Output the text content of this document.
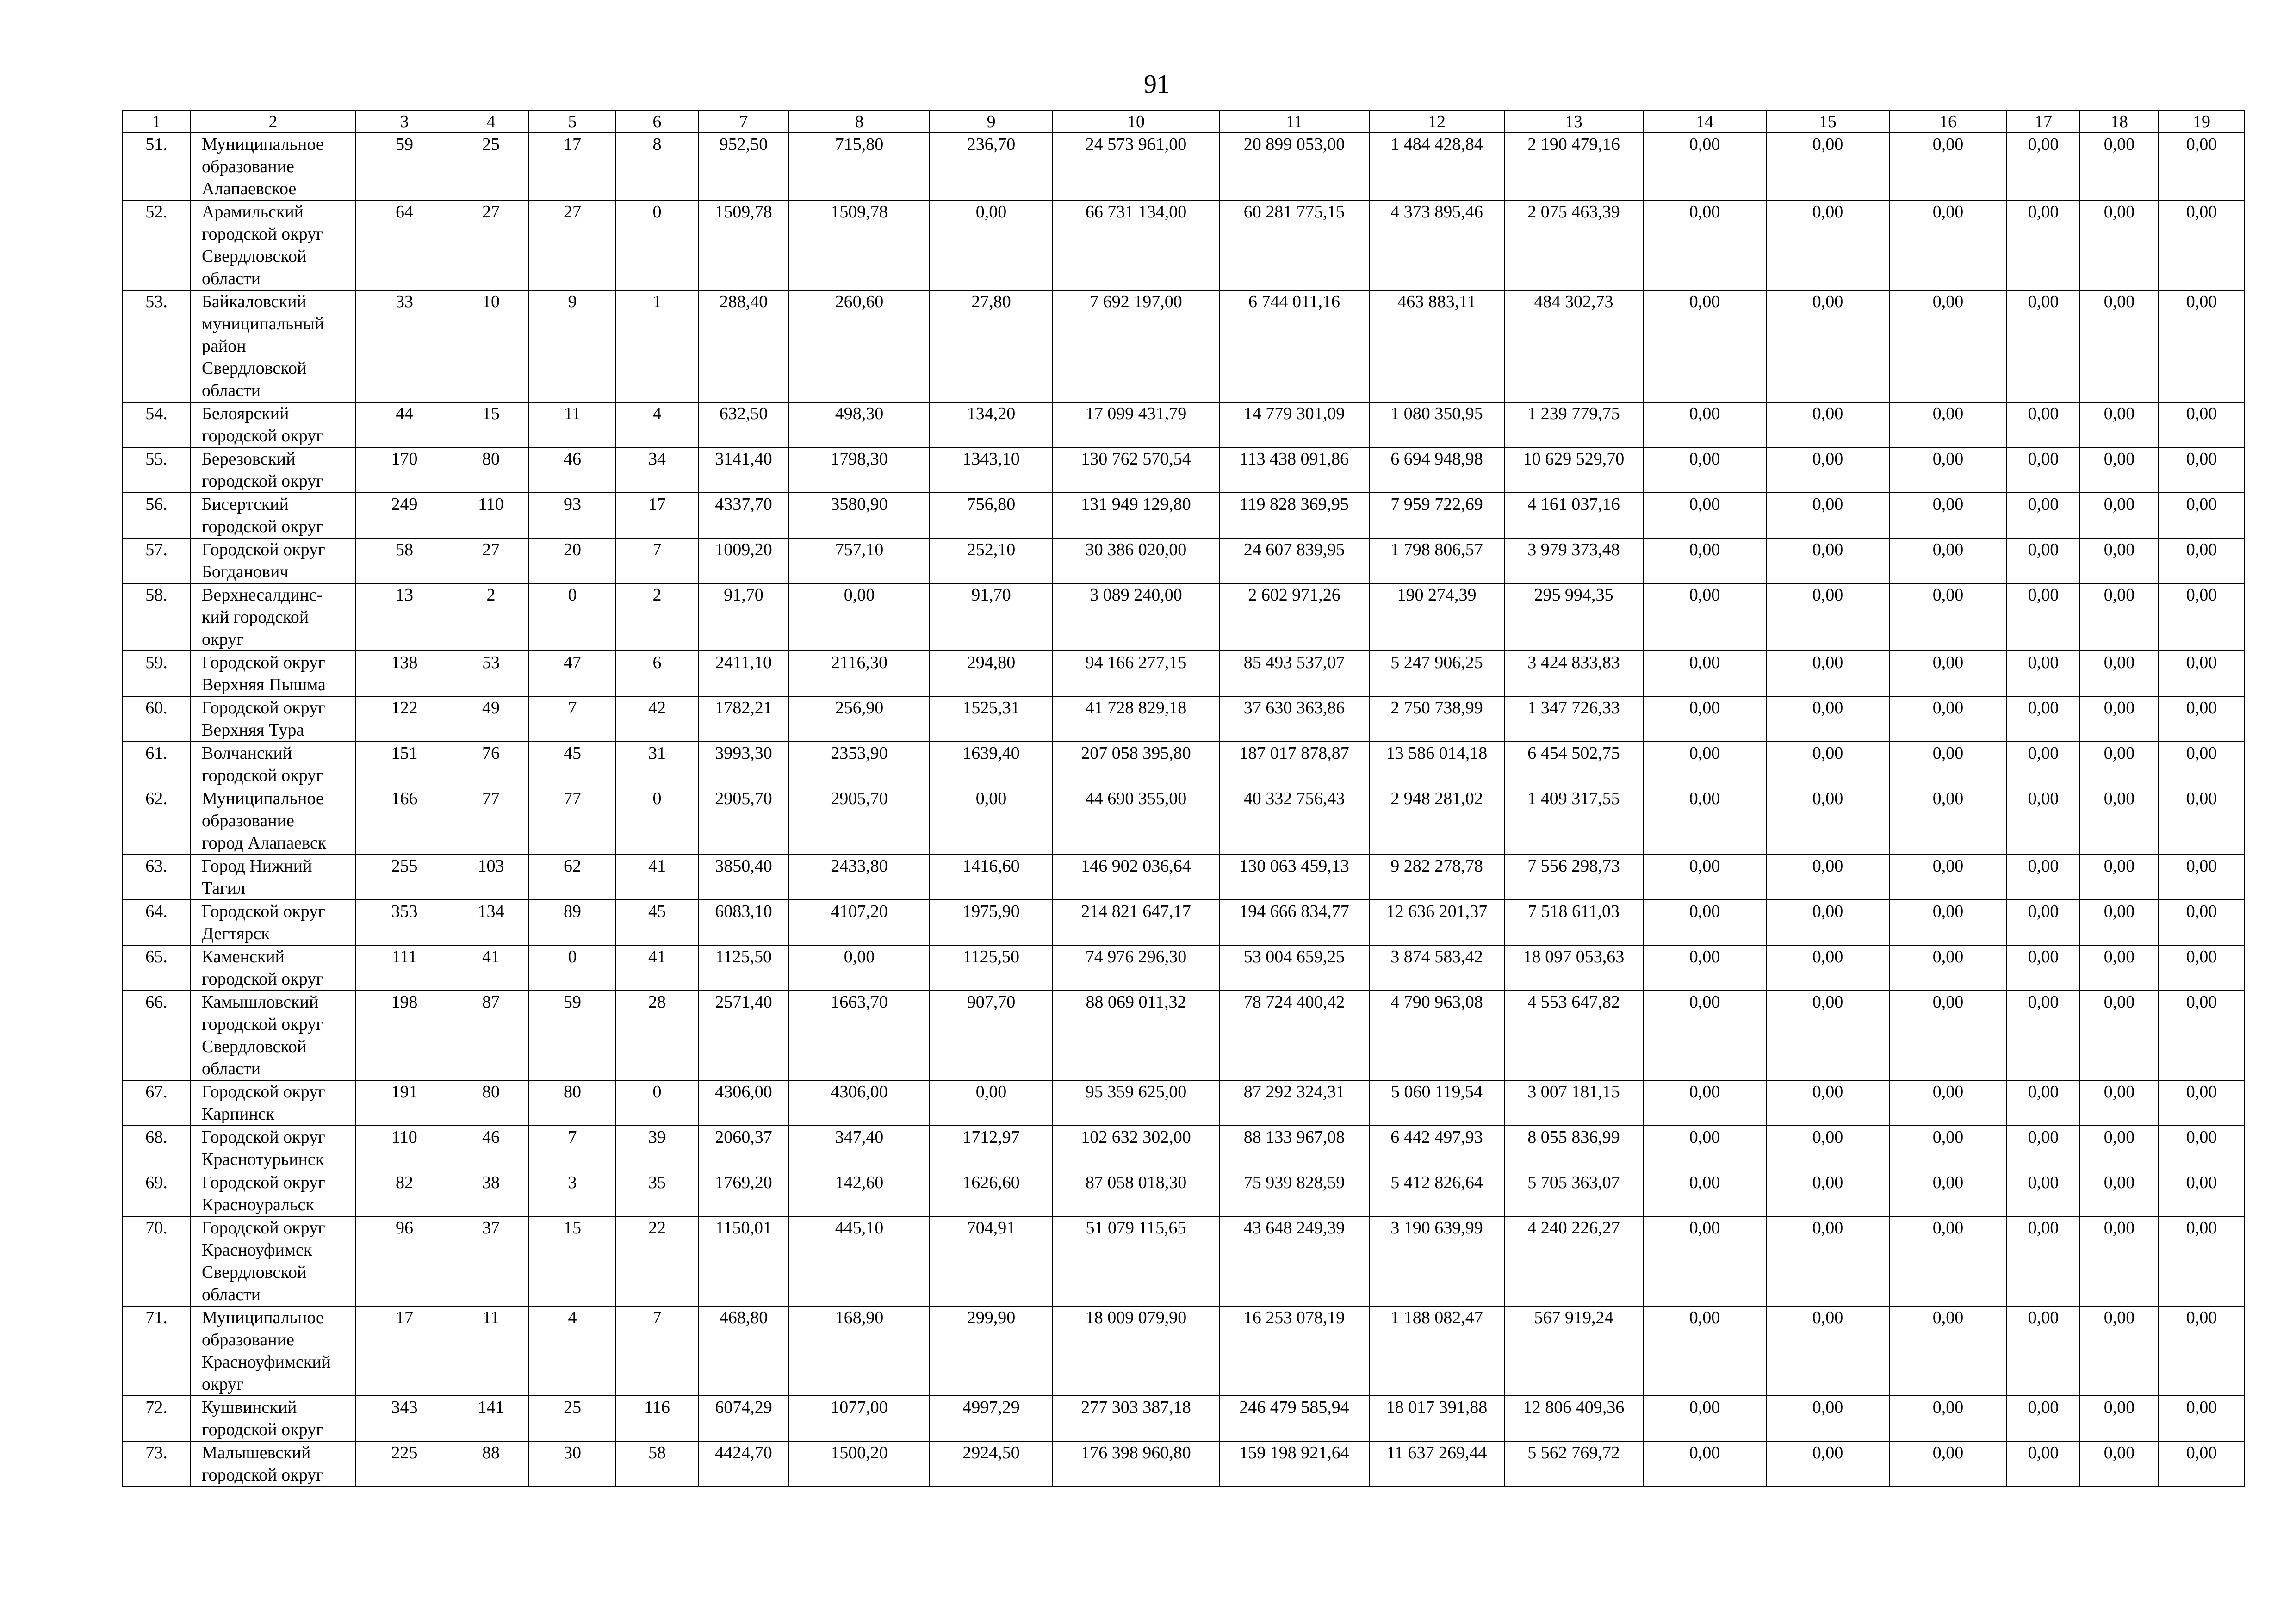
91
1	2	3	4	5	6	7	8	9	10	11	12	13	14	15	16	17	18	19
51.	Муниципальное
образование
Алапаевское	59	25	17	8	952,50	715,80	236,70	24 573 961,00	20 899 053,00	1 484 428,84	2 190 479,16	0,00	0,00	0,00	0,00	0,00	0,00
52.	Арамильский
городской округ
Свердловской
области	64	27	27	0	1509,78	1509,78	0,00	66 731 134,00	60 281 775,15	4 373 895,46	2 075 463,39	0,00	0,00	0,00	0,00	0,00	0,00
53.	Байкаловский
муниципальный
район
Свердловской
области	33	10	9	1	288,40	260,60	27,80	7 692 197,00	6 744 011,16	463 883,11	484 302,73	0,00	0,00	0,00	0,00	0,00	0,00
54.	Белоярский
городской округ	44	15	11	4	632,50	498,30	134,20	17 099 431,79	14 779 301,09	1 080 350,95	1 239 779,75	0,00	0,00	0,00	0,00	0,00	0,00
55.	Березовский
городской округ	170	80	46	34	3141,40	1798,30	1343,10	130 762 570,54	113 438 091,86	6 694 948,98	10 629 529,70	0,00	0,00	0,00	0,00	0,00	0,00
56.	Бисертский
городской округ	249	110	93	17	4337,70	3580,90	756,80	131 949 129,80	119 828 369,95	7 959 722,69	4 161 037,16	0,00	0,00	0,00	0,00	0,00	0,00
57.	Городской округ
Богданович	58	27	20	7	1009,20	757,10	252,10	30 386 020,00	24 607 839,95	1 798 806,57	3 979 373,48	0,00	0,00	0,00	0,00	0,00	0,00
58.	Верхнесалдинс-
кий городской
округ	13	2	0	2	91,70	0,00	91,70	3 089 240,00	2 602 971,26	190 274,39	295 994,35	0,00	0,00	0,00	0,00	0,00	0,00
59.	Городской округ
Верхняя Пышма	138	53	47	6	2411,10	2116,30	294,80	94 166 277,15	85 493 537,07	5 247 906,25	3 424 833,83	0,00	0,00	0,00	0,00	0,00	0,00
60.	Городской округ
Верхняя Тура	122	49	7	42	1782,21	256,90	1525,31	41 728 829,18	37 630 363,86	2 750 738,99	1 347 726,33	0,00	0,00	0,00	0,00	0,00	0,00
61.	Волчанский
городской округ	151	76	45	31	3993,30	2353,90	1639,40	207 058 395,80	187 017 878,87	13 586 014,18	6 454 502,75	0,00	0,00	0,00	0,00	0,00	0,00
62.	Муниципальное
образование
город Алапаевск	166	77	77	0	2905,70	2905,70	0,00	44 690 355,00	40 332 756,43	2 948 281,02	1 409 317,55	0,00	0,00	0,00	0,00	0,00	0,00
63.	Город Нижний
Тагил	255	103	62	41	3850,40	2433,80	1416,60	146 902 036,64	130 063 459,13	9 282 278,78	7 556 298,73	0,00	0,00	0,00	0,00	0,00	0,00
64.	Городской округ
Дегтярск	353	134	89	45	6083,10	4107,20	1975,90	214 821 647,17	194 666 834,77	12 636 201,37	7 518 611,03	0,00	0,00	0,00	0,00	0,00	0,00
65.	Каменский
городской округ	111	41	0	41	1125,50	0,00	1125,50	74 976 296,30	53 004 659,25	3 874 583,42	18 097 053,63	0,00	0,00	0,00	0,00	0,00	0,00
66.	Камышловский
городской округ
Свердловской
области	198	87	59	28	2571,40	1663,70	907,70	88 069 011,32	78 724 400,42	4 790 963,08	4 553 647,82	0,00	0,00	0,00	0,00	0,00	0,00
67.	Городской округ
Карпинск	191	80	80	0	4306,00	4306,00	0,00	95 359 625,00	87 292 324,31	5 060 119,54	3 007 181,15	0,00	0,00	0,00	0,00	0,00	0,00
68.	Городской округ
Краснотурьинск	110	46	7	39	2060,37	347,40	1712,97	102 632 302,00	88 133 967,08	6 442 497,93	8 055 836,99	0,00	0,00	0,00	0,00	0,00	0,00
69.	Городской округ
Красноуральск	82	38	3	35	1769,20	142,60	1626,60	87 058 018,30	75 939 828,59	5 412 826,64	5 705 363,07	0,00	0,00	0,00	0,00	0,00	0,00
70.	Городской округ
Красноуфимск
Свердловской
области	96	37	15	22	1150,01	445,10	704,91	51 079 115,65	43 648 249,39	3 190 639,99	4 240 226,27	0,00	0,00	0,00	0,00	0,00	0,00
71.	Муниципальное
образование
Красноуфимский
округ	17	11	4	7	468,80	168,90	299,90	18 009 079,90	16 253 078,19	1 188 082,47	567 919,24	0,00	0,00	0,00	0,00	0,00	0,00
72.	Кушвинский
городской округ	343	141	25	116	6074,29	1077,00	4997,29	277 303 387,18	246 479 585,94	18 017 391,88	12 806 409,36	0,00	0,00	0,00	0,00	0,00	0,00
73.	Малышевский
городской округ	225	88	30	58	4424,70	1500,20	2924,50	176 398 960,80	159 198 921,64	11 637 269,44	5 562 769,72	0,00	0,00	0,00	0,00	0,00	0,00
